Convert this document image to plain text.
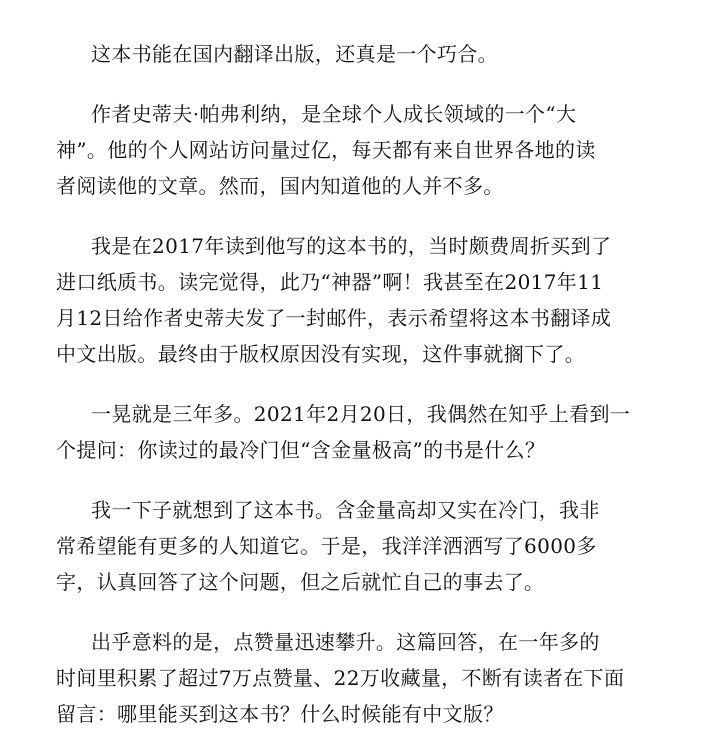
这本书能在国内翻译出版，还真是一个巧合。
作者史蒂夫·帕弗利纳，是全球个人成长领域的一个“大
神”。他的个人网站访问量过亿，每天都有来自世界各地的读
者阅读他的文章。然而，国内知道他的人并不多。
我是在2017年读到他写的这本书的，当时颇费周折买到了
进口纸质书。读完觉得，此乃“神器”啊！我甚至在2017年11
月12日给作者史蒂夫发了一封邮件，表示希望将这本书翻译成
中文出版。最终由于版权原因没有实现，这件事就搁下了。
一晃就是三年多。2021年2月20日，我偶然在知乎上看到一
个提问：你读过的最冷门但“含金量极高”的书是什么？
我一下子就想到了这本书。含金量高却又实在冷门，我非
常希望能有更多的人知道它。于是，我洋洋洒洒写了6000多
字，认真回答了这个问题，但之后就忙自己的事去了。
出乎意料的是，点赞量迅速攀升。这篇回答，在一年多的
时间里积累了超过7万点赞量、22万收藏量，不断有读者在下面
留言：哪里能买到这本书？什么时候能有中文版？
